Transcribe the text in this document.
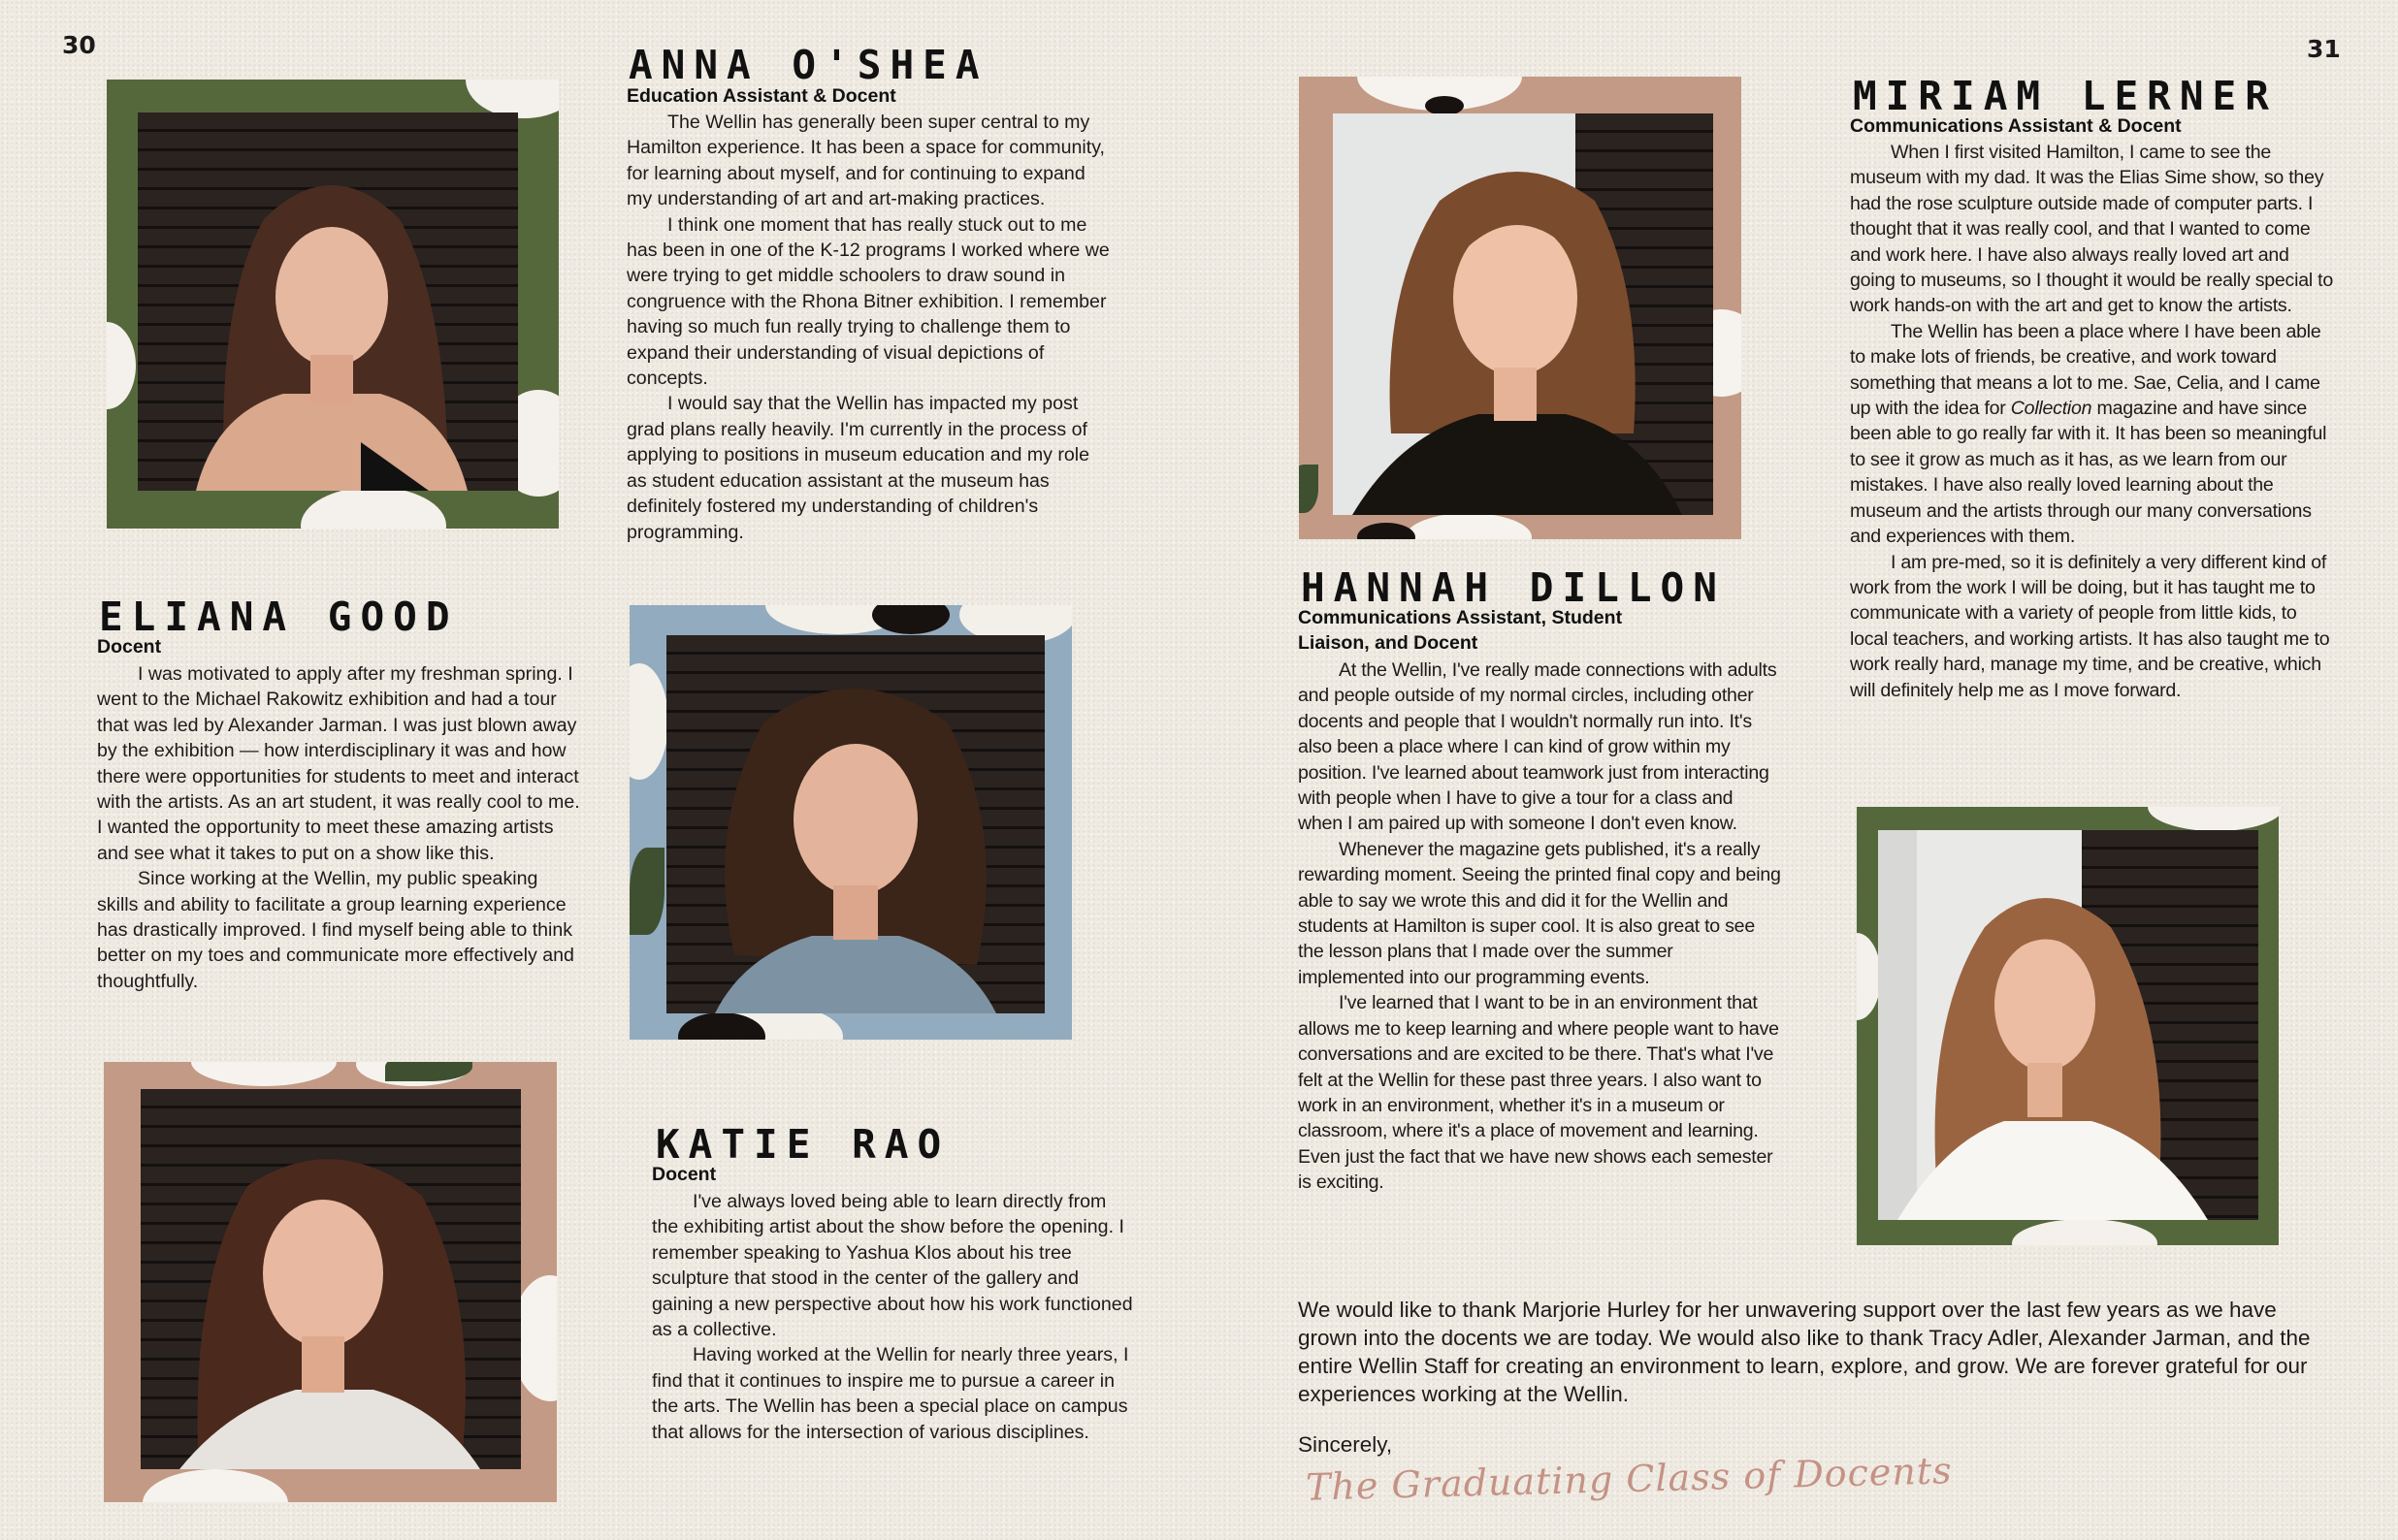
30	31
ANNA O'SHEA
Education Assistant & Docent

The Wellin has generally been super central to my Hamilton experience. It has been a space for community, for learning about myself, and for continuing to expand my understanding of art and art-making practices.

I think one moment that has really stuck out to me has been in one of the K-12 programs I worked where we were trying to get middle schoolers to draw sound in congruence with the Rhona Bitner exhibition. I remember having so much fun really trying to challenge them to expand their understanding of visual depictions of concepts.

I would say that the Wellin has impacted my post grad plans really heavily. I'm currently in the process of applying to positions in museum education and my role as student education assistant at the museum has definitely fostered my understanding of children's programming.

ELIANA GOOD
Docent

I was motivated to apply after my freshman spring. I went to the Michael Rakowitz exhibition and had a tour that was led by Alexander Jarman. I was just blown away by the exhibition — how interdisciplinary it was and how there were opportunities for students to meet and interact with the artists. As an art student, it was really cool to me. I wanted the opportunity to meet these amazing artists and see what it takes to put on a show like this.

Since working at the Wellin, my public speaking skills and ability to facilitate a group learning experience has drastically improved. I find myself being able to think better on my toes and communicate more effectively and thoughtfully.

KATIE RAO
Docent

I've always loved being able to learn directly from the exhibiting artist about the show before the opening. I remember speaking to Yashua Klos about his tree sculpture that stood in the center of the gallery and gaining a new perspective about how his work functioned as a collective.

Having worked at the Wellin for nearly three years, I find that it continues to inspire me to pursue a career in the arts. The Wellin has been a special place on campus that allows for the intersection of various disciplines.

HANNAH DILLON
Communications Assistant, Student
Liaison, and Docent

At the Wellin, I've really made connections with adults and people outside of my normal circles, including other docents and people that I wouldn't normally run into. It's also been a place where I can kind of grow within my position. I've learned about teamwork just from interacting with people when I have to give a tour for a class and when I am paired up with someone I don't even know.

Whenever the magazine gets published, it's a really rewarding moment. Seeing the printed final copy and being able to say we wrote this and did it for the Wellin and students at Hamilton is super cool. It is also great to see the lesson plans that I made over the summer implemented into our programming events.

I've learned that I want to be in an environment that allows me to keep learning and where people want to have conversations and are excited to be there. That's what I've felt at the Wellin for these past three years. I also want to work in an environment, whether it's in a museum or classroom, where it's a place of movement and learning. Even just the fact that we have new shows each semester is exciting.

MIRIAM LERNER
Communications Assistant & Docent

When I first visited Hamilton, I came to see the museum with my dad. It was the Elias Sime show, so they had the rose sculpture outside made of computer parts. I thought that it was really cool, and that I wanted to come and work here. I have also always really loved art and going to museums, so I thought it would be really special to work hands-on with the art and get to know the artists.

The Wellin has been a place where I have been able to make lots of friends, be creative, and work toward something that means a lot to me. Sae, Celia, and I came up with the idea for Collection magazine and have since been able to go really far with it. It has been so meaningful to see it grow as much as it has, as we learn from our mistakes. I have also really loved learning about the museum and the artists through our many conversations and experiences with them.

I am pre-med, so it is definitely a very different kind of work from the work I will be doing, but it has taught me to communicate with a variety of people from little kids, to local teachers, and working artists. It has also taught me to work really hard, manage my time, and be creative, which will definitely help me as I move forward.

We would like to thank Marjorie Hurley for her unwavering support over the last few years as we have grown into the docents we are today. We would also like to thank Tracy Adler, Alexander Jarman, and the entire Wellin Staff for creating an environment to learn, explore, and grow. We are forever grateful for our experiences working at the Wellin.
Sincerely,
The Graduating Class of Docents
